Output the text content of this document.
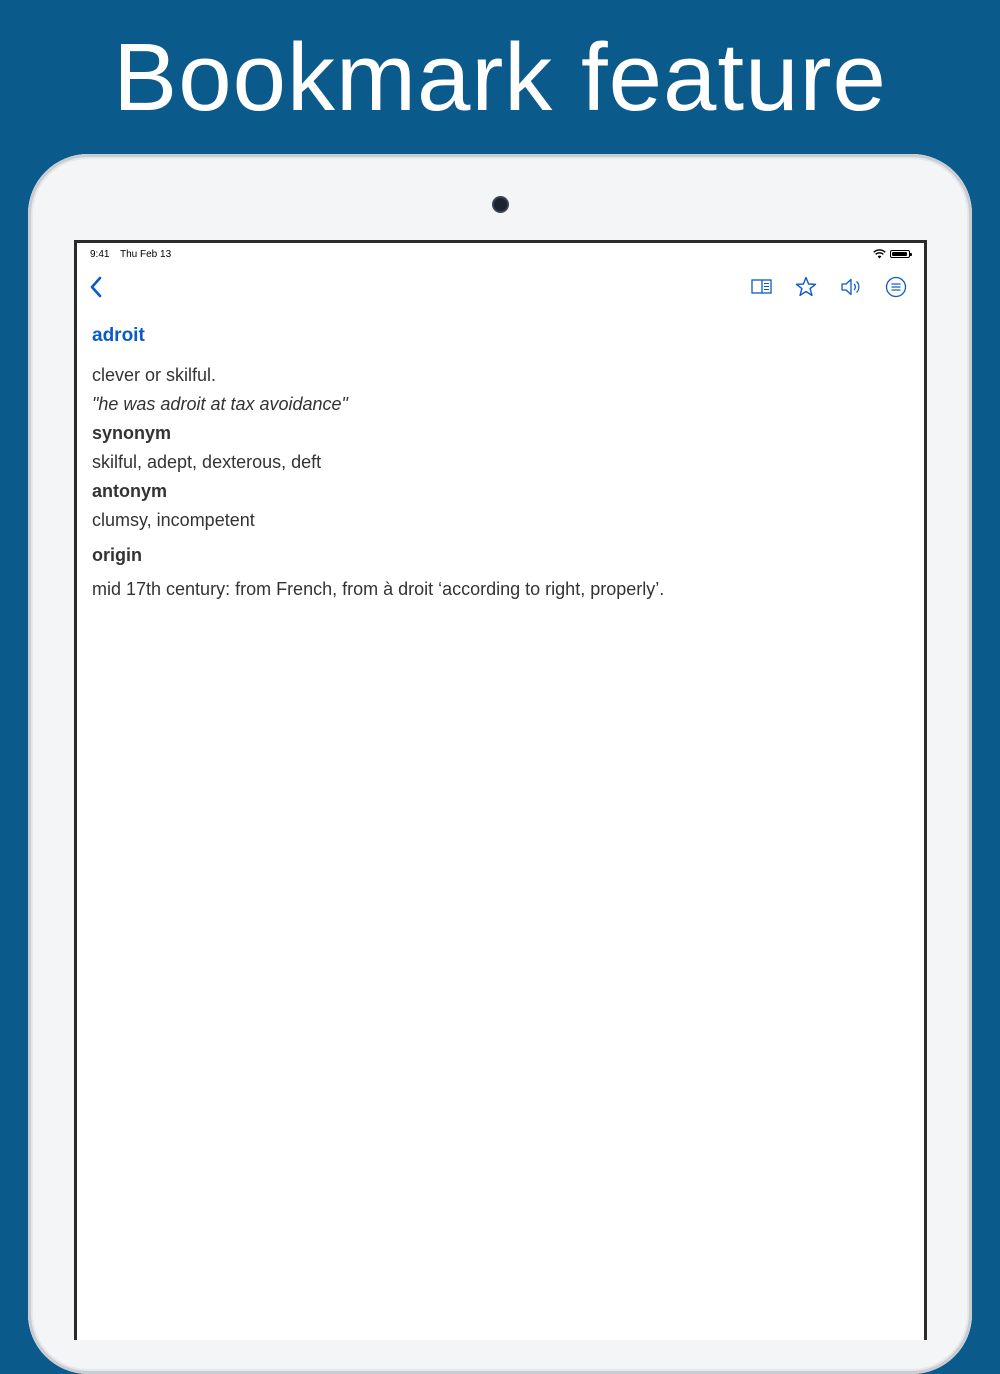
Bookmark feature
9:41 Thu Feb 13
adroit
clever or skilful.
"he was adroit at tax avoidance"
synonym
skilful, adept, dexterous, deft
antonym
clumsy, incompetent
origin
mid 17th century: from French, from à droit ‘according to right, properly’.
